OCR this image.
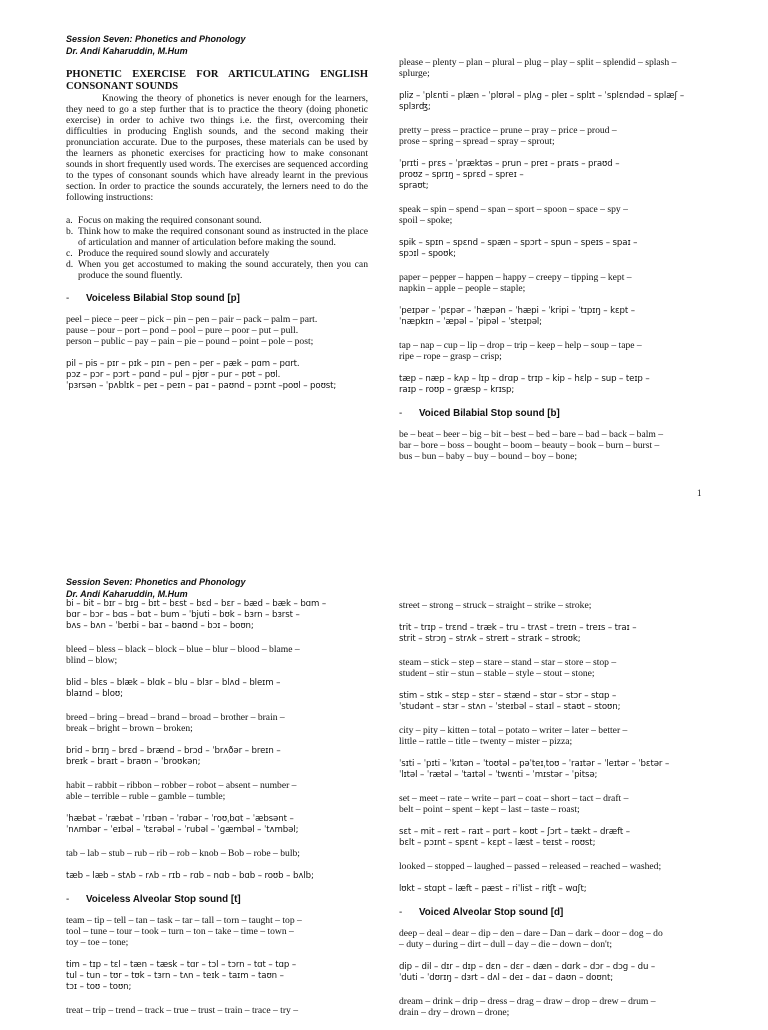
Session Seven: Phonetics and Phonology
Dr. Andi Kaharuddin, M.Hum

PHONETIC EXERCISE FOR ARTICULATING ENGLISH CONSONANT SOUNDS

Knowing the theory of phonetics is never enough for the learners, they need to go a step further that is to practice the theory (doing phonetic exercise) in order to achive two things i.e. the first, overcoming their difficulties in producing English sounds, and the second making their pronunciation accurate. Due to the purposes, these materials can be used by the learners as phonetic exercises for practicing how to make consonant sounds in short frequently used words. The exercises are sequenced according to the types of consonant sounds which have already learnt in the previous section. In order to practice the sounds accurately, the lerners need to do the following instructions:

a. Focus on making the required consonant sound.
b. Think how to make the required consonant sound as instructed in the place of articulation and manner of articulation before making the sound.
c. Produce the required sound slowly and accurately
d. When you get accostumed to making the sound accurately, then you can produce the sound fluently.

- Voiceless Bilabial Stop sound [p]

peel – piece – peer – pick – pin – pen – pair – pack – palm – part.

pause – pour – port – pond – pool – pure – poor – put – pull.

person – public – pay – pain – pie – pound – point – pole – post;

pil – pis – pɪr – pɪk – pɪn – pen – per – pæk – pɑm – pɑrt.

pɔz – pɔr – pɔrt – pɑnd – pul – pjʊr – pur – pʊt – pʊl.

ˈpɜrsən – ˈpʌblɪk – peɪ – peɪn – paɪ – paʊnd – pɔɪnt –poʊl – poʊst;

please – plenty – plan – plural – plug – play – split – splendid – splash – splurge;

pliz – ˈplɛnti – plæn – ˈplʊrəl – plʌg – pleɪ – splɪt – ˈsplɛndəd – splæʃ – splɜrʤ;

pretty – press – practice – prune – pray – price – proud –

prose – spring – spread – spray – sprout;

ˈprɪti – prɛs – ˈpræktəs – prun – preɪ – praɪs – praʊd –

proʊz – sprɪŋ – sprɛd – spreɪ –

spraʊt;

speak – spin – spend – span – sport – spoon – space – spy –

spoil – spoke;

spik – spɪn – spɛnd – spæn – spɔrt – spun – speɪs – spaɪ –

spɔɪl – spoʊk;

paper – pepper – happen – happy – creepy – tipping – kept –

napkin – apple – people – staple;

ˈpeɪpər – ˈpɛpər – ˈhæpən – ˈhæpi – ˈkripi – ˈtɪpɪŋ – kɛpt –

ˈnæpkɪn – ˈæpəl – ˈpipəl – ˈsteɪpəl;

tap – nap – cup – lip – drop – trip – keep – help – soup – tape –

ripe – rope – grasp – crisp;

tæp – næp – kʌp – lɪp – drɑp – trɪp – kip – hɛlp – sup – teɪp –

raɪp – roʊp – græsp – krɪsp;

- Voiced Bilabial Stop sound [b]

be – beat – beer – big – bit – best – bed – bare – bad – back – balm –

bar – bore – boss – bought – boom – beauty – book – burn – burst –

bus – bun – baby – buy – bound – boy – bone;

1
Session Seven: Phonetics and Phonology
Dr. Andi Kaharuddin, M.Hum

bi – bit – bɪr – bɪg – bɪt – bɛst – bɛd – bɛr – bæd – bæk – bɑm –

bɑr – bɔr – bɑs – bɑt – bum – ˈbjuti – bʊk – bɜrn – bɜrst –

bʌs – bʌn – ˈbeɪbi – baɪ – baʊnd – bɔɪ – boʊn;

bleed – bless – black – block – blue – blur – blood – blame –

blind – blow;

blid – blɛs – blæk – blɑk – blu – blɜr – blʌd – bleɪm –

blaɪnd – bloʊ;

breed – bring – bread – brand – broad – brother – brain –

break – bright – brown – broken;

brid – brɪŋ – brɛd – brænd – brɔd – ˈbrʌðər – breɪn –

breɪk – braɪt – braʊn – ˈbroʊkən;

habit – rabbit – ribbon – robber – robot – absent – number –

able – terrible – ruble – gamble – tumble;

ˈhæbət – ˈræbət – ˈrɪbən – ˈrɑbər – ˈroʊˌbɑt – ˈæbsənt –

ˈnʌmbər – ˈeɪbəl – ˈtɛrəbəl – ˈrubəl – ˈgæmbəl – ˈtʌmbəl;

tab – lab – stub – rub – rib – rob – knob – Bob – robe – bulb;

tæb – læb – stʌb – rʌb – rɪb – rɑb – nɑb – bɑb – roʊb – bʌlb;

- Voiceless Alveolar Stop sound [t]

team – tip – tell – tan – task – tar – tall – torn – taught – top –

tool – tune – tour – took – turn – ton – take – time – town –

toy – toe – tone;

tim – tɪp – tɛl – tæn – tæsk – tɑr – tɔl – tɔrn – tɑt – tɑp –

tul – tun – tʊr – tʊk – tɜrn – tʌn – teɪk – taɪm – taʊn –

tɔɪ – toʊ – toʊn;

treat – trip – trend – track – true – trust – train – trace – try –

street – strong – struck – straight – strike – stroke;

trit – trɪp – trɛnd – træk – tru – trʌst – treɪn – treɪs – traɪ –

strit – strɔŋ – strʌk – streɪt – straɪk – stroʊk;

steam – stick – step – stare – stand – star – store – stop –

student – stir – stun – stable – style – stout – stone;

stim – stɪk – stɛp – stɛr – stænd – stɑr – stɔr – stɑp –

ˈstudənt – stɜr – stʌn – ˈsteɪbəl – staɪl – staʊt – stoʊn;

city – pity – kitten – total – potato – writer – later – better –

little – rattle – title – twenty – mister – pizza;

ˈsɪti – ˈpɪti – ˈkɪtən – ˈtoʊtəl – pəˈteɪˌtoʊ – ˈraɪtər – ˈleɪtər – ˈbɛtər –

ˈlɪtəl – ˈrætəl – ˈtaɪtəl – ˈtwɛnti – ˈmɪstər – ˈpitsə;

set – meet – rate – write – part – coat – short – tact – draft –

belt – point – spent – kept – last – taste – roast;

sɛt – mit – reɪt – raɪt – pɑrt – koʊt – ʃɔrt – tækt – dræft –

bɛlt – pɔɪnt – spɛnt – kɛpt – læst – teɪst – roʊst;

looked – stopped – laughed – passed – released – reached – washed;

lʊkt – stɑpt – læft – pæst – riˈlist – riʧt – wɑʃt;

- Voiced Alveolar Stop sound [d]

deep – deal – dear – dip – den – dare – Dan – dark – door – dog – do

– duty – during – dirt – dull – day – die – down – don't;

dip – dil – dɪr – dɪp – dɛn – dɛr – dæn – dɑrk – dɔr – dɔg – du –

ˈduti – ˈdʊrɪŋ – dɜrt – dʌl – deɪ – daɪ – daʊn – doʊnt;

dream – drink – drip – dress – drag – draw – drop – drew – drum –

drain – dry – drown – drone;
